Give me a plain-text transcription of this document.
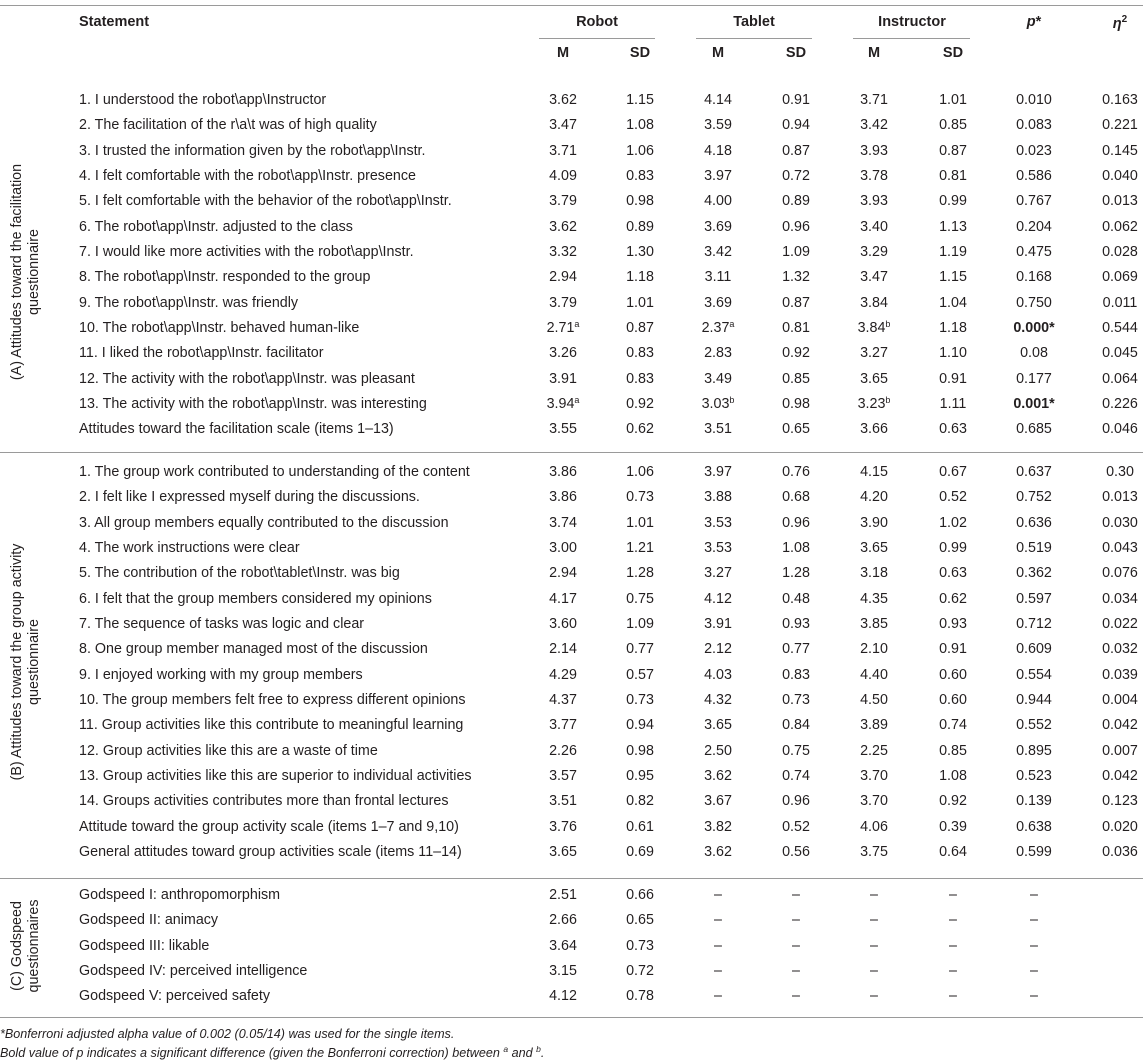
Statement	Robot	Tablet	Instructor	p*	$\eta^2$
M	SD	M	SD	M	SD
1. I understood the robot\app\Instructor	3.62	1.15	4.14	0.91	3.71	1.01	0.010	0.163
2. The facilitation of the r\a\t was of high quality	3.47	1.08	3.59	0.94	3.42	0.85	0.083	0.221
3. I trusted the information given by the robot\app\Instr.	3.71	1.06	4.18	0.87	3.93	0.87	0.023	0.145
4. I felt comfortable with the robot\app\Instr. presence	4.09	0.83	3.97	0.72	3.78	0.81	0.586	0.040
5. I felt comfortable with the behavior of the robot\app\Instr.	3.79	0.98	4.00	0.89	3.93	0.99	0.767	0.013
6. The robot\app\Instr. adjusted to the class	3.62	0.89	3.69	0.96	3.40	1.13	0.204	0.062
7. I would like more activities with the robot\app\Instr.	3.32	1.30	3.42	1.09	3.29	1.19	0.475	0.028
8. The robot\app\Instr. responded to the group	2.94	1.18	3.11	1.32	3.47	1.15	0.168	0.069
9. The robot\app\Instr. was friendly	3.79	1.01	3.69	0.87	3.84	1.04	0.750	0.011
10. The robot\app\Instr. behaved human-like	2.71$^a$	0.87	2.37$^a$	0.81	3.84$^b$	1.18	0.000*	0.544
11. I liked the robot\app\Instr. facilitator	3.26	0.83	2.83	0.92	3.27	1.10	0.08	0.045
12. The activity with the robot\app\Instr. was pleasant	3.91	0.83	3.49	0.85	3.65	0.91	0.177	0.064
13. The activity with the robot\app\Instr. was interesting	3.94$^a$	0.92	3.03$^b$	0.98	3.23$^b$	1.11	0.001*	0.226
Attitudes toward the facilitation scale (items 1–13)	3.55	0.62	3.51	0.65	3.66	0.63	0.685	0.046
1. The group work contributed to understanding of the content	3.86	1.06	3.97	0.76	4.15	0.67	0.637	0.30
2. I felt like I expressed myself during the discussions.	3.86	0.73	3.88	0.68	4.20	0.52	0.752	0.013
3. All group members equally contributed to the discussion	3.74	1.01	3.53	0.96	3.90	1.02	0.636	0.030
4. The work instructions were clear	3.00	1.21	3.53	1.08	3.65	0.99	0.519	0.043
5. The contribution of the robot\tablet\Instr. was big	2.94	1.28	3.27	1.28	3.18	0.63	0.362	0.076
6. I felt that the group members considered my opinions	4.17	0.75	4.12	0.48	4.35	0.62	0.597	0.034
7. The sequence of tasks was logic and clear	3.60	1.09	3.91	0.93	3.85	0.93	0.712	0.022
8. One group member managed most of the discussion	2.14	0.77	2.12	0.77	2.10	0.91	0.609	0.032
9. I enjoyed working with my group members	4.29	0.57	4.03	0.83	4.40	0.60	0.554	0.039
10. The group members felt free to express different opinions	4.37	0.73	4.32	0.73	4.50	0.60	0.944	0.004
11. Group activities like this contribute to meaningful learning	3.77	0.94	3.65	0.84	3.89	0.74	0.552	0.042
12. Group activities like this are a waste of time	2.26	0.98	2.50	0.75	2.25	0.85	0.895	0.007
13. Group activities like this are superior to individual activities	3.57	0.95	3.62	0.74	3.70	1.08	0.523	0.042
14. Groups activities contributes more than frontal lectures	3.51	0.82	3.67	0.96	3.70	0.92	0.139	0.123
Attitude toward the group activity scale (items 1–7 and 9,10)	3.76	0.61	3.82	0.52	4.06	0.39	0.638	0.020
General attitudes toward group activities scale (items 11–14)	3.65	0.69	3.62	0.56	3.75	0.64	0.599	0.036
Godspeed I: anthropomorphism	2.51	0.66	–	–	–	–	–
Godspeed II: animacy	2.66	0.65	–	–	–	–	–
Godspeed III: likable	3.64	0.73	–	–	–	–	–
Godspeed IV: perceived intelligence	3.15	0.72	–	–	–	–	–
Godspeed V: perceived safety	4.12	0.78	–	–	–	–	–
(A) Attitudes toward the facilitation questionnaire
(B) Attitudes toward the group activity questionnaire
(C) Godspeed questionnaires
*Bonferroni adjusted alpha value of 0.002 (0.05/14) was used for the single items.
Bold value of p indicates a significant difference (given the Bonferroni correction) between $^a$ and $^b$.
